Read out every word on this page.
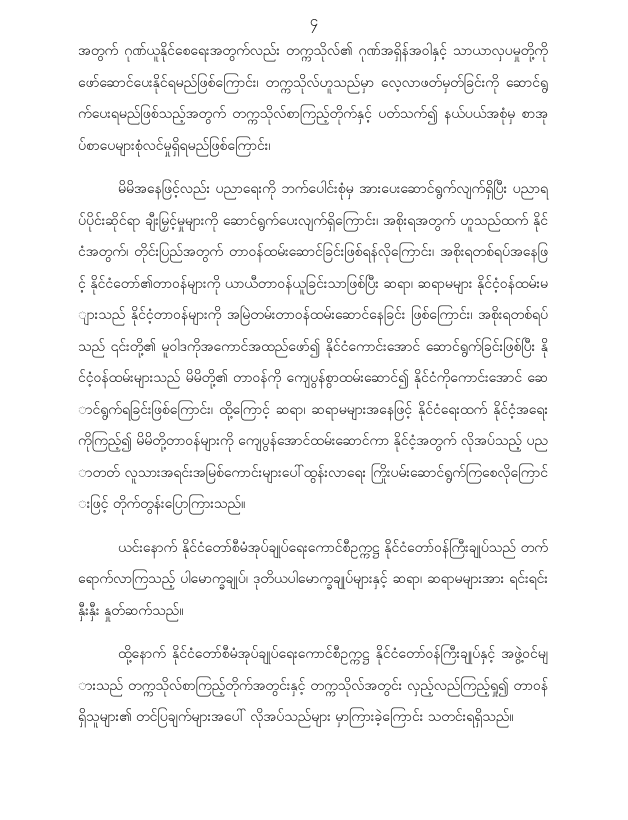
၄

အတွက် ဂုဏ်ယူနိုင်စေရေးအတွက်လည်း တက္ကသိုလ်၏ ဂုဏ်အရှိန်အဝါနှင့် သာယာလှပမှုတို့ကို ဖော်ဆောင်ပေးနိုင်ရမည်ဖြစ်ကြောင်း၊ တက္ကသိုလ်ဟူသည်မှာ လေ့လာဖတ်မှတ်ခြင်းကို ဆောင်ရွက်ပေးရမည်ဖြစ်သည့်အတွက် တက္ကသိုလ်စာကြည့်တိုက်နှင့် ပတ်သက်၍ နယ်ပယ်အစုံမှ စာအုပ်စာပေများစုံလင်မှုရှိရမည်ဖြစ်ကြောင်း၊

မိမိအနေဖြင့်လည်း ပညာရေးကို ဘက်ပေါင်းစုံမှ အားပေးဆောင်ရွက်လျက်ရှိပြီး ပညာရပ်ပိုင်းဆိုင်ရာ ချီးမြှင့်မှုများကို ဆောင်ရွက်ပေးလျက်ရှိကြောင်း၊ အစိုးရအတွက် ဟူသည်ထက် နိုင်ငံအတွက်၊ တိုင်းပြည်အတွက် တာဝန်ထမ်းဆောင်ခြင်းဖြစ်ရန်လိုကြောင်း၊ အစိုးရတစ်ရပ်အနေဖြင့် နိုင်ငံတော်၏တာဝန်များကို ယာယီတာဝန်ယူခြင်းသာဖြစ်ပြီး ဆရာ၊ ဆရာမများ နိုင်ငံ့ဝန်ထမ်းများသည် နိုင်ငံ့တာဝန်များကို အမြဲတမ်းတာဝန်ထမ်းဆောင်နေခြင်း ဖြစ်ကြောင်း၊ အစိုးရတစ်ရပ်သည် ၎င်းတို့၏ မူဝါဒကိုအကောင်အထည်ဖော်၍ နိုင်ငံကောင်းအောင် ဆောင်ရွက်ခြင်းဖြစ်ပြီး နိုင်ငံ့ဝန်ထမ်းများသည် မိမိတို့၏ တာဝန်ကို ကျေပွန်စွာထမ်းဆောင်၍ နိုင်ငံကိုကောင်းအောင် ဆောင်ရွက်ရခြင်းဖြစ်ကြောင်း၊ ထို့ကြောင့် ဆရာ၊ ဆရာမများအနေဖြင့် နိုင်ငံရေးထက် နိုင်ငံ့အရေးကိုကြည့်၍ မိမိတို့တာဝန်များကို ကျေပွန်အောင်ထမ်းဆောင်ကာ နိုင်ငံ့အတွက် လိုအပ်သည့် ပညာတတ် လူသားအရင်းအမြစ်ကောင်းများပေါ်ထွန်းလာရေး ကြိုးပမ်းဆောင်ရွက်ကြစေလိုကြောင်းဖြင့် တိုက်တွန်းပြောကြားသည်။

ယင်းနောက် နိုင်ငံတော်စီမံအုပ်ချုပ်ရေးကောင်စီဥက္ကဋ္ဌ နိုင်ငံတော်ဝန်ကြီးချုပ်သည် တက်ရောက်လာကြသည့် ပါမောက္ခချုပ်၊ ဒုတိယပါမောက္ခချုပ်များနှင့် ဆရာ၊ ဆရာမများအား ရင်းရင်းနှီးနှီး နှုတ်ဆက်သည်။

ထို့နောက် နိုင်ငံတော်စီမံအုပ်ချုပ်ရေးကောင်စီဥက္ကဋ္ဌ နိုင်ငံတော်ဝန်ကြီးချုပ်နှင့် အဖွဲ့ဝင်များသည် တက္ကသိုလ်စာကြည့်တိုက်အတွင်းနှင့် တက္ကသိုလ်အတွင်း လှည့်လည်ကြည့်ရှု၍ တာဝန်ရှိသူများ၏ တင်ပြချက်များအပေါ် လိုအပ်သည်များ မှာကြားခဲ့ကြောင်း သတင်းရရှိသည်။
